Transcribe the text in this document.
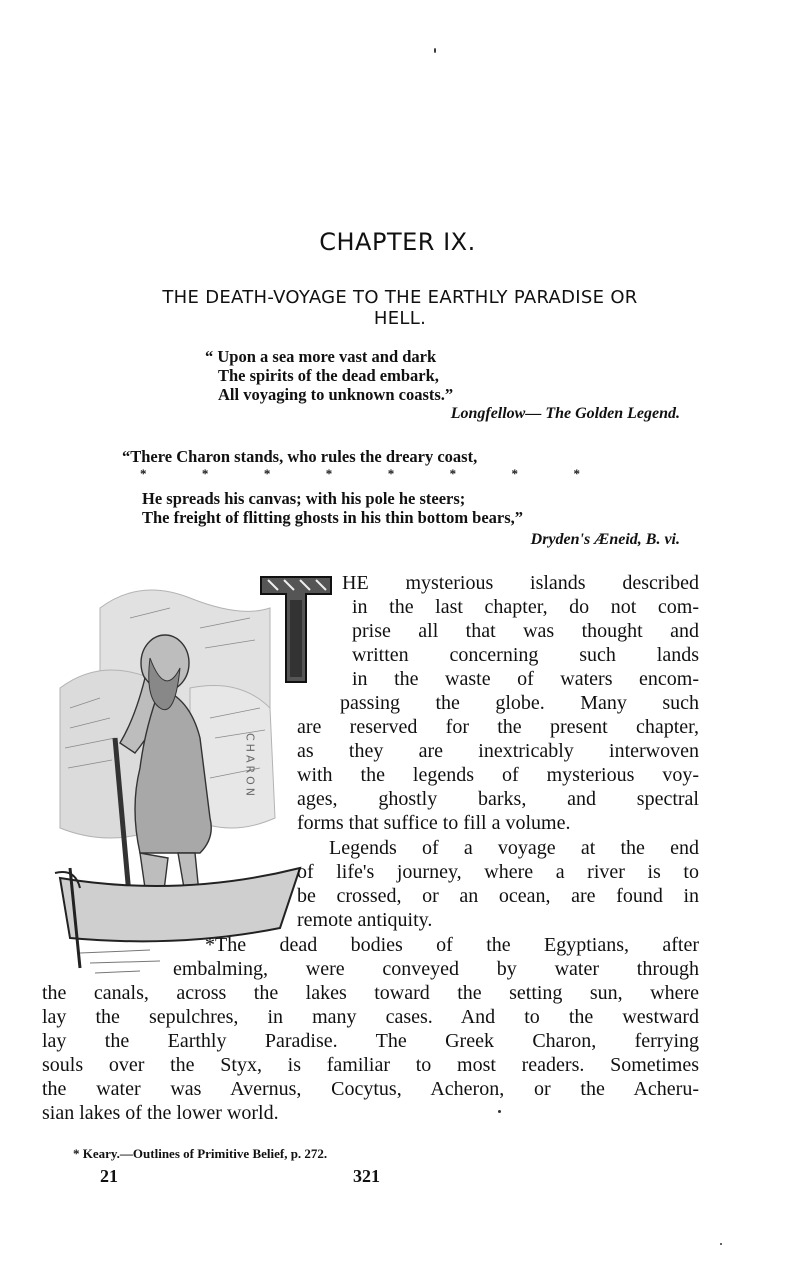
CHAPTER IX.
THE DEATH-VOYAGE TO THE EARTHLY PARADISE OR
HELL.
“ Upon a sea more vast and dark
The spirits of the dead embark,
All voyaging to unknown coasts.”
Longfellow— The Golden Legend.
“There Charon stands, who rules the dreary coast,
*	*	*	*	*	*	*	*
He spreads his canvas; with his pole he steers;
The freight of flitting ghosts in his thin bottom bears,”
Dryden's Æneid, B. vi.
CHARON
T
HE mysterious islands described
in the last chapter, do not com-
prise all that was thought and
written concerning such lands
in the waste of waters encom-
passing the globe. Many such
are reserved for the present chapter,
as they are inextricably interwoven
with the legends of mysterious voy-
ages, ghostly barks, and spectral
forms that suffice to fill a volume.
Legends of a voyage at the end
of life's journey, where a river is to
be crossed, or an ocean, are found in
remote antiquity.
*The dead bodies of the Egyptians, after
embalming, were conveyed by water through
the canals, across the lakes toward the setting sun, where
lay the sepulchres, in many cases. And to the westward
lay the Earthly Paradise. The Greek Charon, ferrying
souls over the Styx, is familiar to most readers. Sometimes
the water was Avernus, Cocytus, Acheron, or the Acheru-
sian lakes of the lower world.
* Keary.—Outlines of Primitive Belief, p. 272.
21	321
